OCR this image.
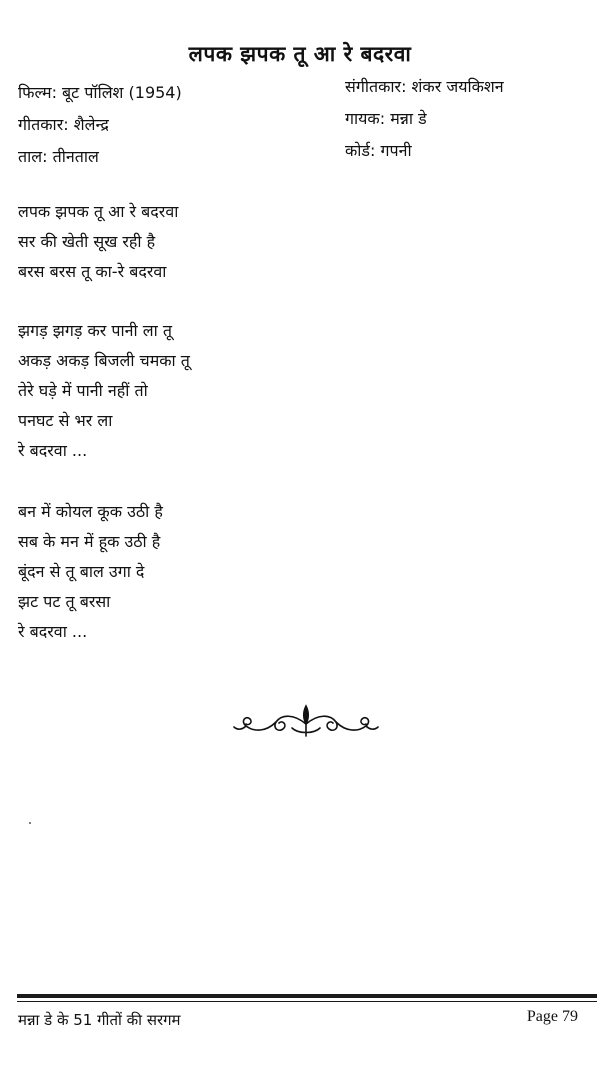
लपक झपक तू आ रे बदरवा
फिल्म: बूट पॉलिश (1954)
गीतकार: शैलेन्द्र
ताल: तीनताल
संगीतकार: शंकर जयकिशन
गायक: मन्ना डे
कोर्ड: गपनी
लपक झपक तू आ रे बदरवा
सर की खेती सूख रही है
बरस बरस तू का-रे बदरवा
झगड़ झगड़ कर पानी ला तू
अकड़ अकड़ बिजली चमका तू
तेरे घड़े में पानी नहीं तो
पनघट से भर ला
रे बदरवा ...
बन में कोयल कूक उठी है
सब के मन में हूक उठी है
बूंदन से तू बाल उगा दे
झट पट तू बरसा
रे बदरवा ...
मन्ना डे के 51 गीतों की सरगम	Page 79
